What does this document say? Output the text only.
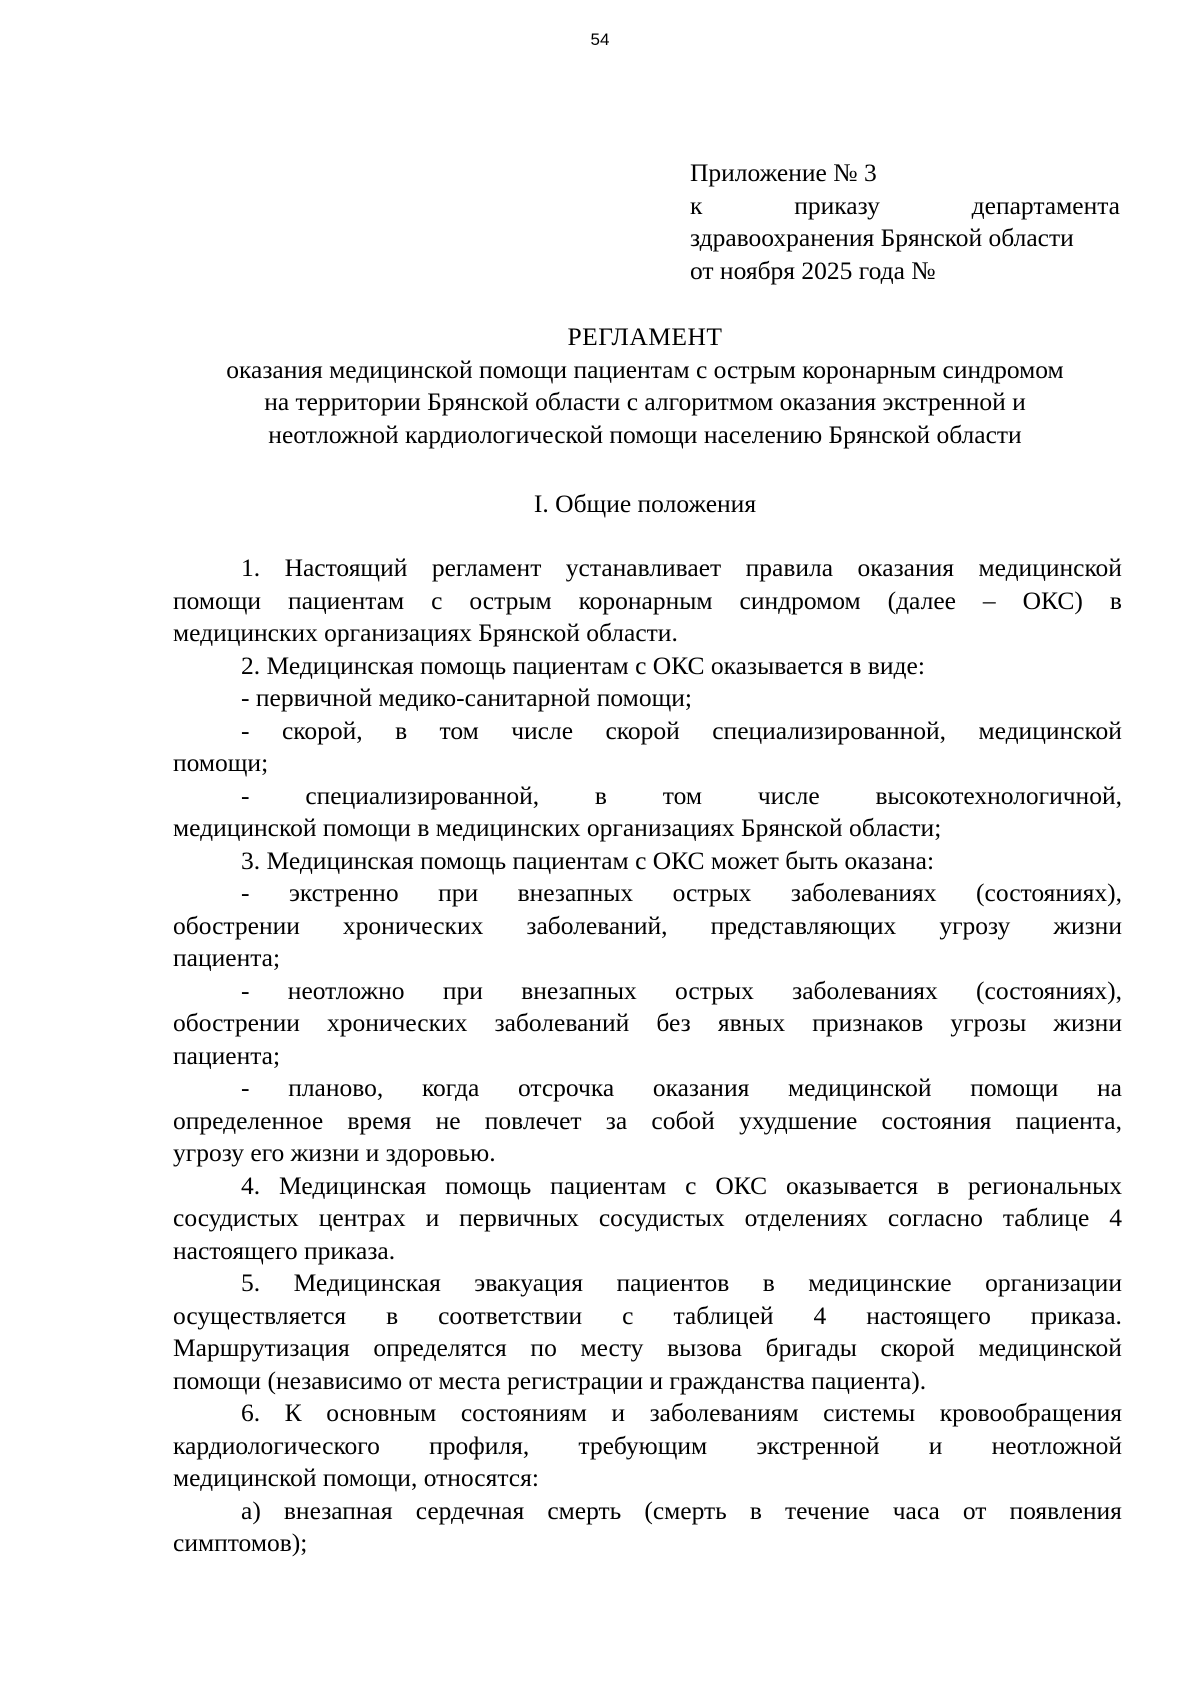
54
Приложение № 3
к	приказу	департамента
здравоохранения Брянской области
от ноября 2025 года №
РЕГЛАМЕНТ
оказания медицинской помощи пациентам с острым коронарным синдромом
на территории Брянской области с алгоритмом оказания экстренной и
неотложной кардиологической помощи населению Брянской области
I. Общие положения
1. Настоящий регламент устанавливает правила оказания медицинской
помощи пациентам с острым коронарным синдромом (далее – ОКС) в
медицинских организациях Брянской области.
2. Медицинская помощь пациентам с ОКС оказывается в виде:
- первичной медико-санитарной помощи;
- скорой, в том числе скорой специализированной, медицинской
помощи;
- специализированной, в том числе высокотехнологичной,
медицинской помощи в медицинских организациях Брянской области;
3. Медицинская помощь пациентам с ОКС может быть оказана:
- экстренно при внезапных острых заболеваниях (состояниях),
обострении хронических заболеваний, представляющих угрозу жизни
пациента;
- неотложно при внезапных острых заболеваниях (состояниях),
обострении хронических заболеваний без явных признаков угрозы жизни
пациента;
- планово, когда отсрочка оказания медицинской помощи на
определенное время не повлечет за собой ухудшение состояния пациента,
угрозу его жизни и здоровью.
4. Медицинская помощь пациентам с ОКС оказывается в региональных
сосудистых центрах и первичных сосудистых отделениях согласно таблице 4
настоящего приказа.
5. Медицинская эвакуация пациентов в медицинские организации
осуществляется в соответствии с таблицей 4 настоящего приказа.
Маршрутизация определятся по месту вызова бригады скорой медицинской
помощи (независимо от места регистрации и гражданства пациента).
6. К основным состояниям и заболеваниям системы кровообращения
кардиологического профиля, требующим экстренной и неотложной
медицинской помощи, относятся:
а) внезапная сердечная смерть (смерть в течение часа от появления
симптомов);
